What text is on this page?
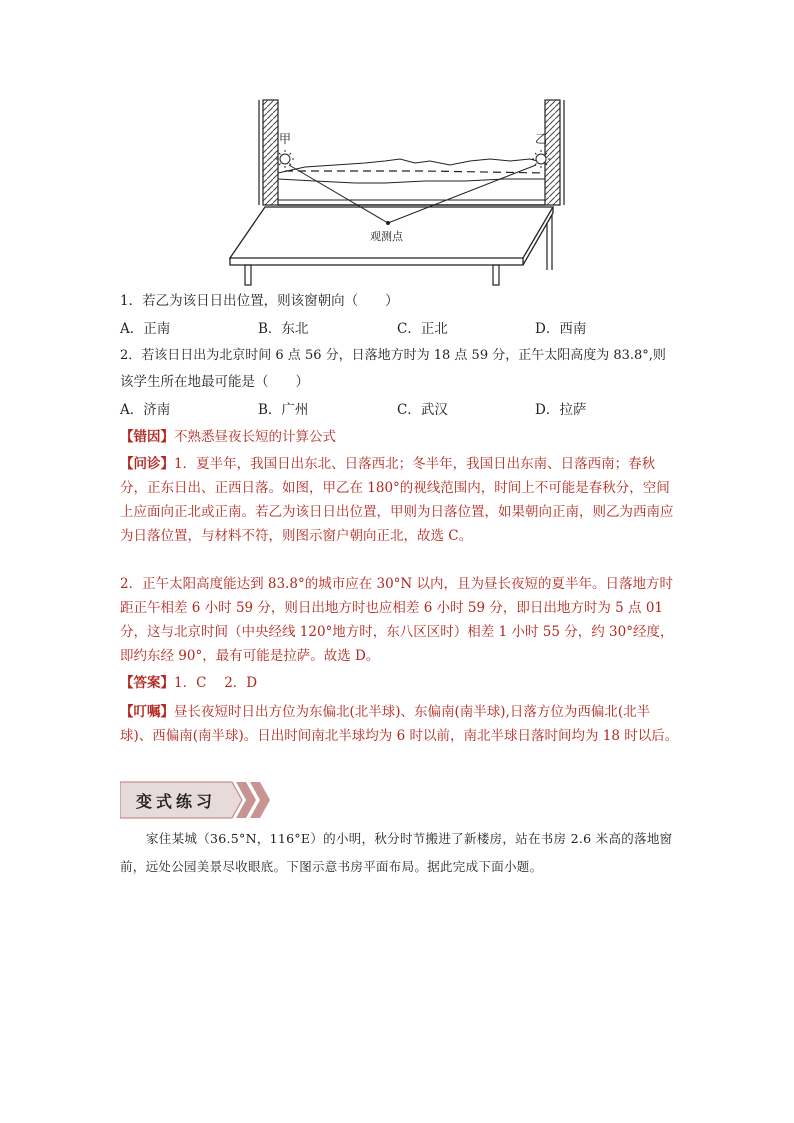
甲	乙
观测点
1．若乙为该日日出位置，则该窗朝向（　　）
A．正南	B．东北	C．正北	D．西南
2．若该日日出为北京时间 6 点 56 分，日落地方时为 18 点 59 分，正午太阳高度为 83.8°,则
该学生所在地最可能是（　　）
A．济南	B．广州	C．武汉	D．拉萨
【错因】不熟悉昼夜长短的计算公式
【问诊】1．夏半年，我国日出东北、日落西北；冬半年，我国日出东南、日落西南；春秋分，正东日出、正西日落。如图，甲乙在 180°的视线范围内，时间上不可能是春秋分，空间上应面向正北或正南。若乙为该日日出位置，甲则为日落位置，如果朝向正南，则乙为西南应为日落位置，与材料不符，则图示窗户朝向正北，故选 C。
2．正午太阳高度能达到 83.8°的城市应在 30°N 以内，且为昼长夜短的夏半年。日落地方时距正午相差 6 小时 59 分，则日出地方时也应相差 6 小时 59 分，即日出地方时为 5 点 01 分，这与北京时间（中央经线 120°地方时，东八区区时）相差 1 小时 55 分，约 30°经度，即约东经 90°，最有可能是拉萨。故选 D。
【答案】1．C　 2．D
【叮嘱】昼长夜短时日出方位为东偏北(北半球)、东偏南(南半球),日落方位为西偏北(北半球)、西偏南(南半球)。日出时间南北半球均为 6 时以前，南北半球日落时间均为 18 时以后。
变式练习
家住某城（36.5°N，116°E）的小明，秋分时节搬进了新楼房，站在书房 2.6 米高的落地窗前，远处公园美景尽收眼底。下图示意书房平面布局。据此完成下面小题。
